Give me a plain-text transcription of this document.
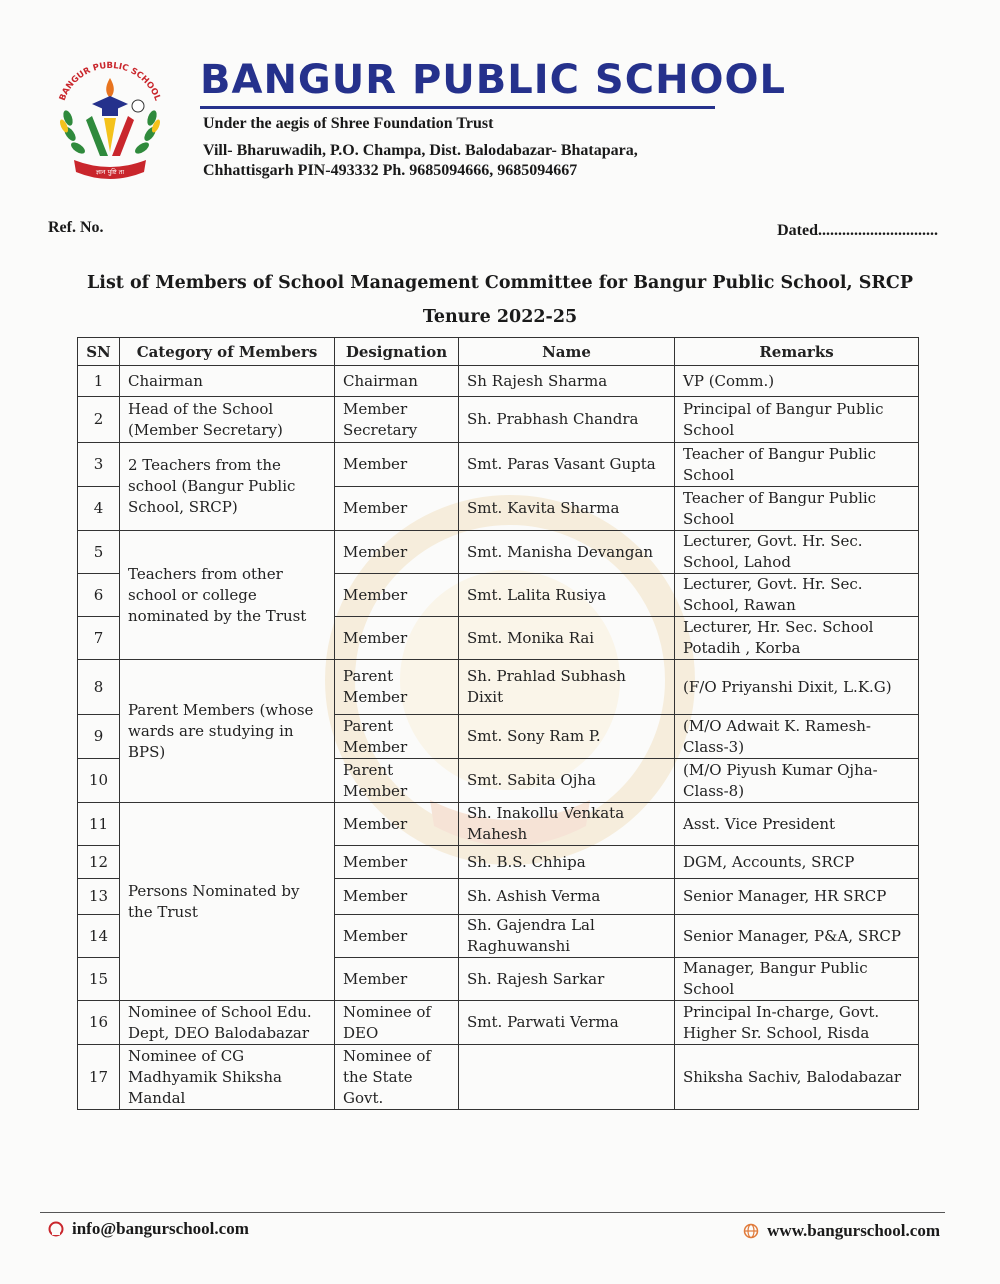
BANGUR PUBLIC SCHOOL
ज्ञान पुष्टि ता
BANGUR PUBLIC SCHOOL
Under the aegis of Shree Foundation Trust
Vill- Bharuwadih, P.O. Champa, Dist. Balodabazar- Bhatapara,
Chhattisgarh PIN-493332 Ph. 9685094666, 9685094667
Ref. No.	Dated..............................
List of Members of School Management Committee for Bangur Public School, SRCP
Tenure 2022-25
SN	Category of Members	Designation	Name	Remarks
1	Chairman	Chairman	Sh Rajesh Sharma	VP (Comm.)
2	Head of the School (Member Secretary)	Member Secretary	Sh. Prabhash Chandra	Principal of Bangur Public School
3	2 Teachers from the school (Bangur Public School, SRCP)	Member	Smt. Paras Vasant Gupta	Teacher of Bangur Public School
4		Member	Smt. Kavita Sharma	Teacher of Bangur Public School
5	Teachers from other school or college nominated by the Trust	Member	Smt. Manisha Devangan	Lecturer, Govt. Hr. Sec. School, Lahod
6		Member	Smt. Lalita Rusiya	Lecturer, Govt. Hr. Sec. School, Rawan
7		Member	Smt. Monika Rai	Lecturer, Hr. Sec. School Potadih , Korba
8	Parent Members (whose wards are studying in BPS)	Parent Member	Sh. Prahlad Subhash Dixit	(F/O Priyanshi Dixit, L.K.G)
9		Parent Member	Smt. Sony Ram P.	(M/O Adwait K. Ramesh-Class-3)
10		Parent Member	Smt. Sabita Ojha	(M/O Piyush Kumar Ojha-Class-8)
11	Persons Nominated by the Trust	Member	Sh. Inakollu Venkata Mahesh	Asst. Vice President
12		Member	Sh. B.S. Chhipa	DGM, Accounts, SRCP
13		Member	Sh. Ashish Verma	Senior Manager, HR SRCP
14		Member	Sh. Gajendra Lal Raghuwanshi	Senior Manager, P&A, SRCP
15		Member	Sh. Rajesh Sarkar	Manager, Bangur Public School
16	Nominee of School Edu. Dept, DEO Balodabazar	Nominee of DEO	Smt. Parwati Verma	Principal In-charge, Govt. Higher Sr. School, Risda
17	Nominee of CG Madhyamik Shiksha Mandal	Nominee of the State Govt.		Shiksha Sachiv, Balodabazar
info@bangurschool.com	www.bangurschool.com
